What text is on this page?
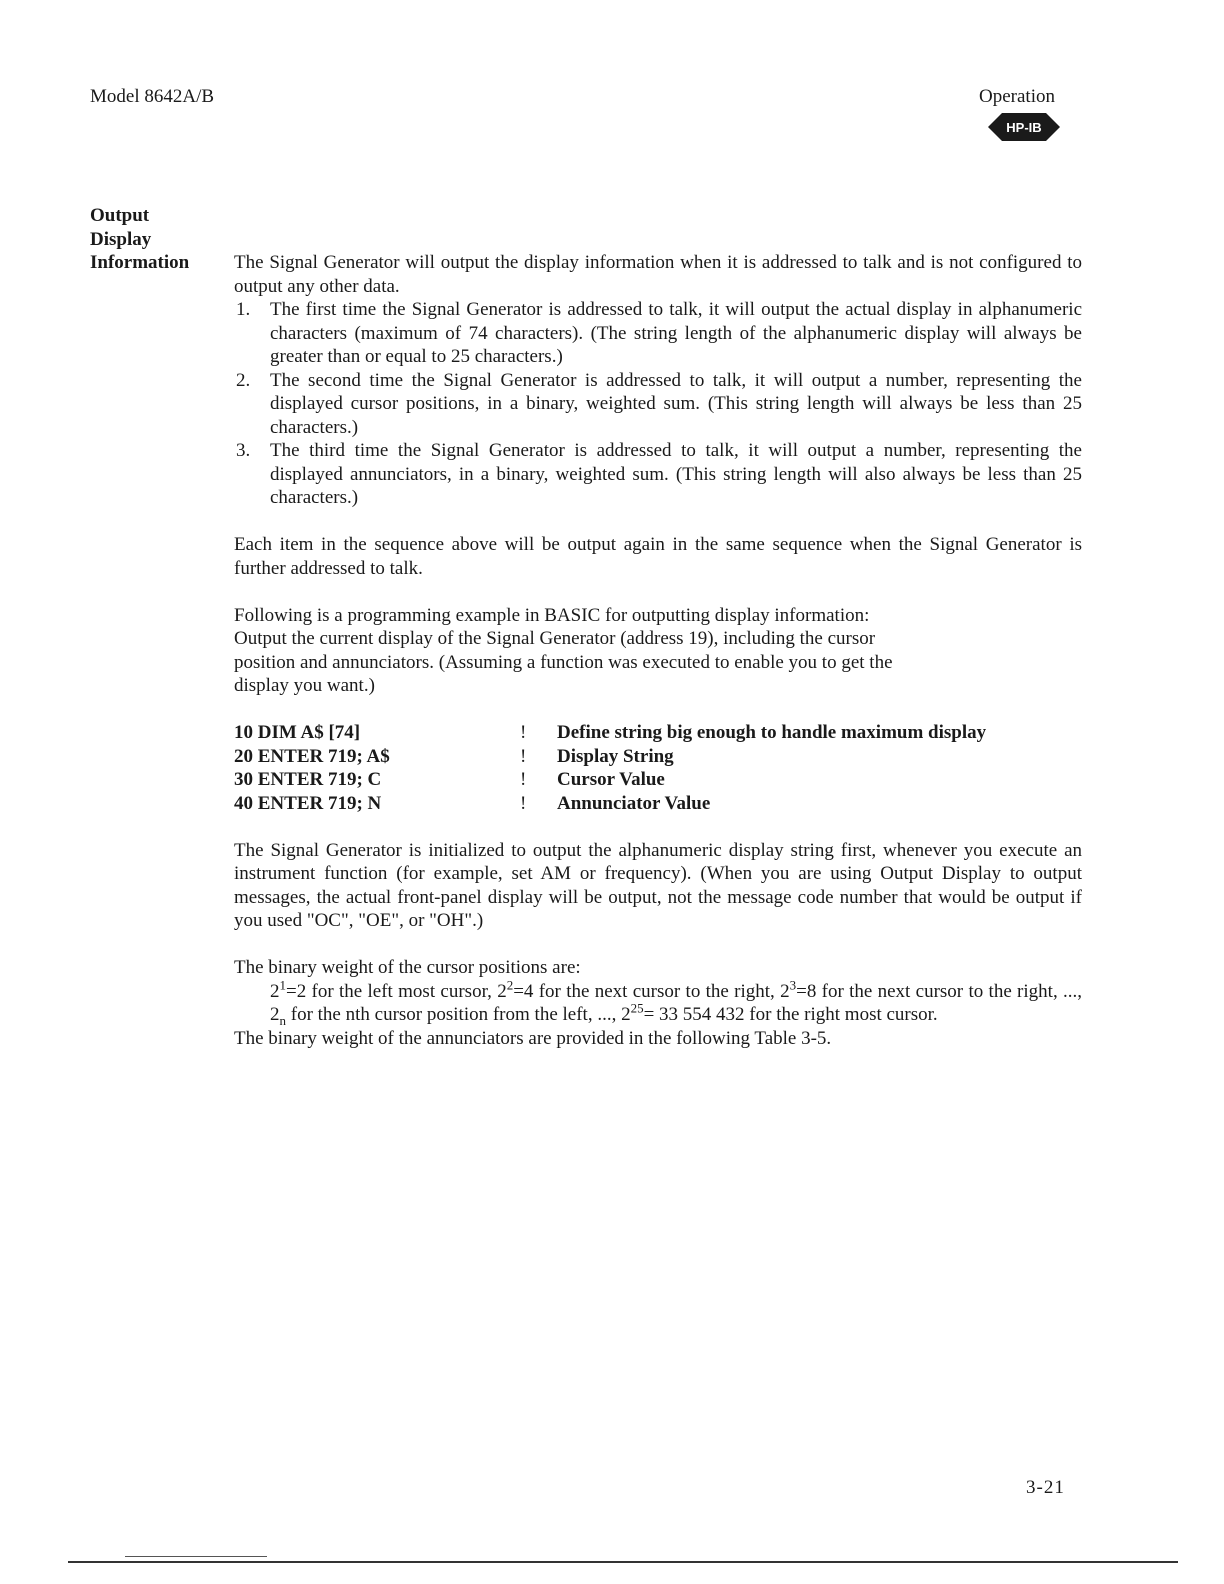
Model 8642A/B	Operation
HP-IB
Output
Display
Information The Signal Generator will output the display information when it is addressed to talk and is not configured to output any other data.

1. The first time the Signal Generator is addressed to talk, it will output the actual display in alphanumeric characters (maximum of 74 characters). (The string length of the alphanumeric display will always be greater than or equal to 25 characters.)
2. The second time the Signal Generator is addressed to talk, it will output a number, representing the displayed cursor positions, in a binary, weighted sum. (This string length will always be less than 25 characters.)
3. The third time the Signal Generator is addressed to talk, it will output a number, representing the displayed annunciators, in a binary, weighted sum. (This string length will also always be less than 25 characters.)

Each item in the sequence above will be output again in the same sequence when the Signal Generator is further addressed to talk.

Following is a programming example in BASIC for outputting display information:
Output the current display of the Signal Generator (address 19), including the cursor
position and annunciators. (Assuming a function was executed to enable you to get the
display you want.)
10 DIM A$ [74]	!	Define string big enough to handle maximum display
20 ENTER 719; A$	!	Display String
30 ENTER 719; C	!	Cursor Value
40 ENTER 719; N	!	Annunciator Value

The Signal Generator is initialized to output the alphanumeric display string first, whenever you execute an instrument function (for example, set AM or frequency). (When you are using Output Display to output messages, the actual front-panel display will be output, not the message code number that would be output if you used "OC", "OE", or "OH".)

The binary weight of the cursor positions are:
$2^1=2$ for the left most cursor, $2^2=4$ for the next cursor to the right, $2^3=8$ for the next cursor to the right, ..., $2_n$ for the nth cursor position from the left, ..., $2^{25}= 33$ 554 432 for the right most cursor.
The binary weight of the annunciators are provided in the following Table 3-5.
3-21
